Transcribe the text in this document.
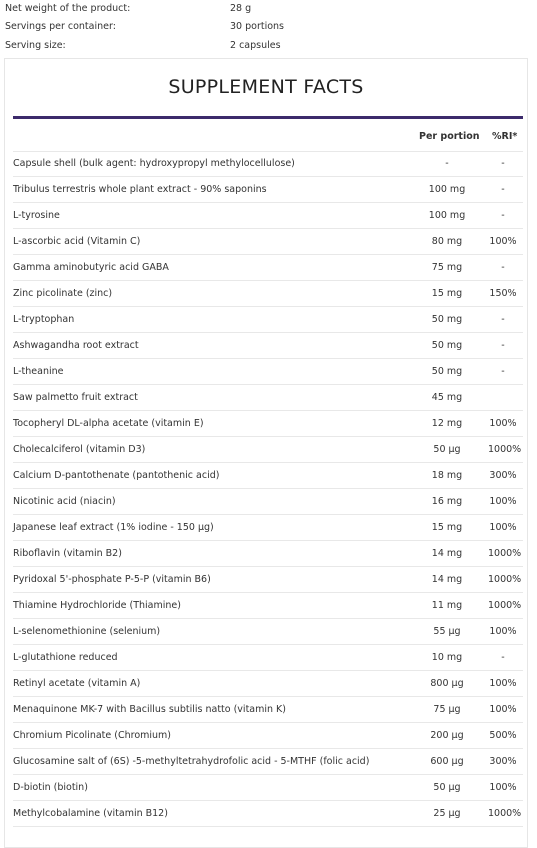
Net weight of the product:	28 g
Servings per container:	30 portions
Serving size:	2 capsules
SUPPLEMENT FACTS
Per portion %RI*
Capsule shell (bulk agent: hydroxypropyl methylocellulose)	-	-
Tribulus terrestris whole plant extract - 90% saponins	100 mg	-
L-tyrosine	100 mg	-
L-ascorbic acid (Vitamin C)	80 mg	100%
Gamma aminobutyric acid GABA	75 mg	-
Zinc picolinate (zinc)	15 mg	150%
L-tryptophan	50 mg	-
Ashwagandha root extract	50 mg	-
L-theanine	50 mg	-
Saw palmetto fruit extract	45 mg
Tocopheryl DL-alpha acetate (vitamin E)	12 mg	100%
Cholecalciferol (vitamin D3)	50 µg	1000%
Calcium D-pantothenate (pantothenic acid)	18 mg	300%
Nicotinic acid (niacin)	16 mg	100%
Japanese leaf extract (1% iodine - 150 µg)	15 mg	100%
Riboflavin (vitamin B2)	14 mg	1000%
Pyridoxal 5'-phosphate P-5-P (vitamin B6)	14 mg	1000%
Thiamine Hydrochloride (Thiamine)	11 mg	1000%
L-selenomethionine (selenium)	55 µg	100%
L-glutathione reduced	10 mg	-
Retinyl acetate (vitamin A)	800 µg	100%
Menaquinone MK-7 with Bacillus subtilis natto (vitamin K)	75 µg	100%
Chromium Picolinate (Chromium)	200 µg	500%
Glucosamine salt of (6S) -5-methyltetrahydrofolic acid - 5-MTHF (folic acid)	600 µg	300%
D-biotin (biotin)	50 µg	100%
Methylcobalamine (vitamin B12)	25 µg	1000%
